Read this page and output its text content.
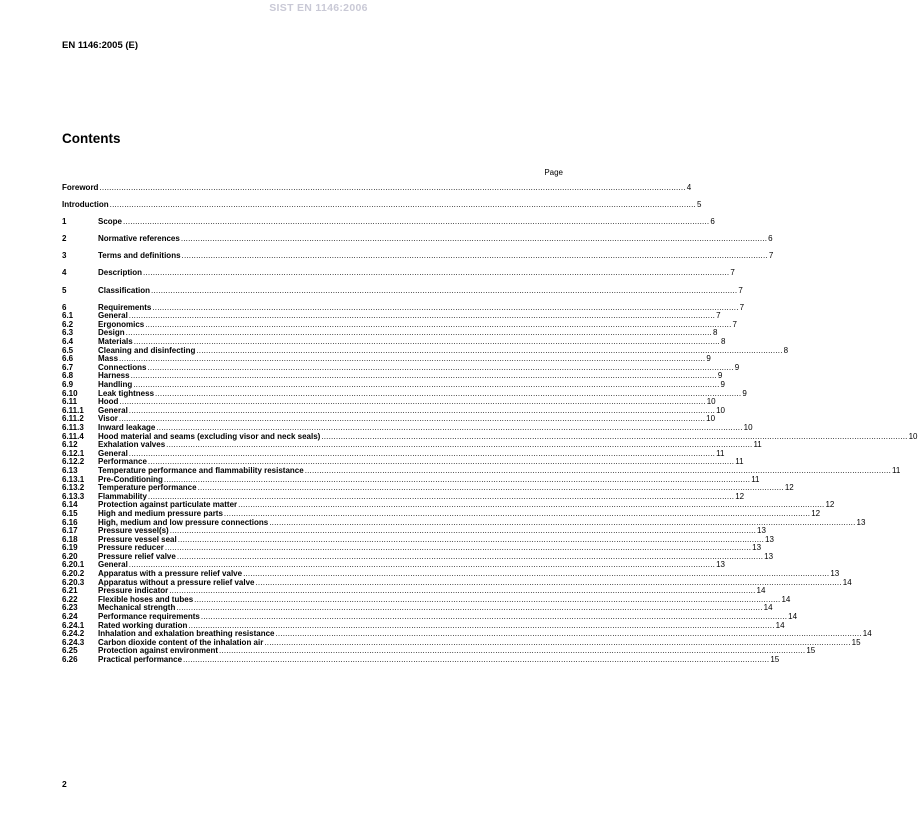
SIST EN 1146:2006
EN 1146:2005 (E)
Contents
Page
Foreword .....	4
Introduction .....	5
1	Scope .....	6
2	Normative references .....	6
3	Terms and definitions .....	7
4	Description .....	7
5	Classification .....	7
6	Requirements .....	7
6.1	General .....	7
6.2	Ergonomics .....	7
6.3	Design .....	8
6.4	Materials .....	8
6.5	Cleaning and disinfecting .....	8
6.6	Mass .....	9
6.7	Connections .....	9
6.8	Harness .....	9
6.9	Handling .....	9
6.10	Leak tightness .....	9
6.11	Hood .....	10
6.11.1	General .....	10
6.11.2	Visor .....	10
6.11.3	Inward leakage .....	10
6.11.4	Hood material and seams (excluding visor and neck seals) .....	10
6.12	Exhalation valves .....	11
6.12.1	General .....	11
6.12.2	Performance .....	11
6.13	Temperature performance and flammability resistance .....	11
6.13.1	Pre-Conditioning .....	11
6.13.2	Temperature performance .....	12
6.13.3	Flammability .....	12
6.14	Protection against particulate matter .....	12
6.15	High and medium pressure parts .....	12
6.16	High, medium and low pressure connections .....	13
6.17	Pressure vessel(s) .....	13
6.18	Pressure vessel seal .....	13
6.19	Pressure reducer .....	13
6.20	Pressure relief valve .....	13
6.20.1	General .....	13
6.20.2	Apparatus with a pressure relief valve .....	13
6.20.3	Apparatus without a pressure relief valve .....	14
6.21	Pressure indicator .....	14
6.22	Flexible hoses and tubes .....	14
6.23	Mechanical strength .....	14
6.24	Performance requirements .....	14
6.24.1	Rated working duration .....	14
6.24.2	Inhalation and exhalation breathing resistance .....	14
6.24.3	Carbon dioxide content of the inhalation air .....	15
6.25	Protection against environment .....	15
6.26	Practical performance .....	15
2
